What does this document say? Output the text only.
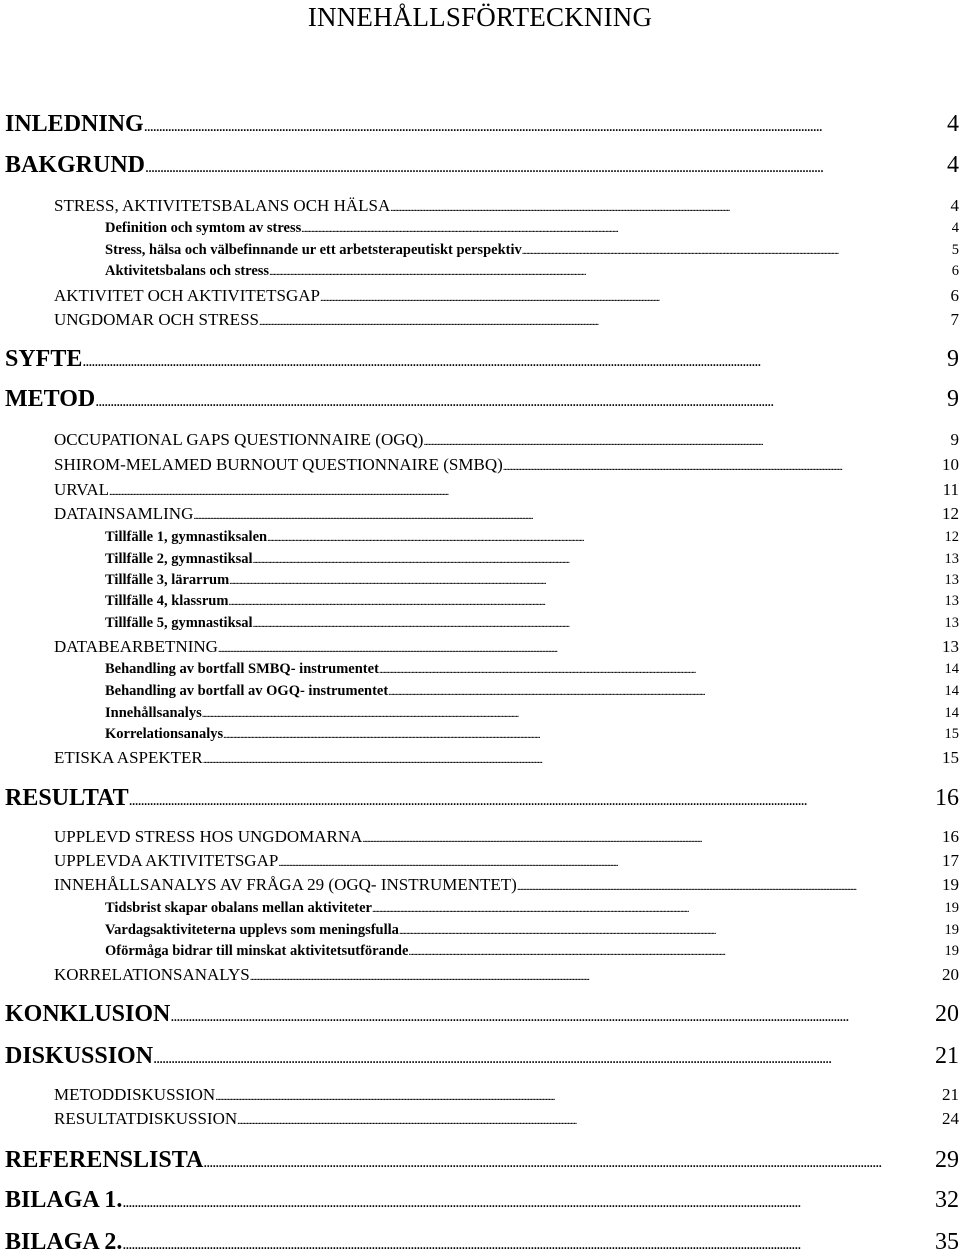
INNEHÅLLSFÖRTECKNING
INLEDNING . . .	4
BAKGRUND . . .	4
STRESS, AKTIVITETSBALANS OCH HÄLSA . . .	4
Definition och symtom av stress . . .	4
Stress, hälsa och välbefinnande ur ett arbetsterapeutiskt perspektiv . . .	5
Aktivitetsbalans och stress . . .	6
AKTIVITET OCH AKTIVITETSGAP . . .	6
UNGDOMAR OCH STRESS . . .	7
SYFTE . . .	9
METOD . . .	9
OCCUPATIONAL GAPS QUESTIONNAIRE (OGQ) . . .	9
SHIROM-MELAMED BURNOUT QUESTIONNAIRE (SMBQ) . . .	10
URVAL . . .	11
DATAINSAMLING . . .	12
Tillfälle 1, gymnastiksalen . . .	12
Tillfälle 2, gymnastiksal . . .	13
Tillfälle 3, lärarrum . . .	13
Tillfälle 4, klassrum . . .	13
Tillfälle 5, gymnastiksal . . .	13
DATABEARBETNING . . .	13
Behandling av bortfall SMBQ- instrumentet . . .	14
Behandling av bortfall av OGQ- instrumentet . . .	14
Innehållsanalys . . .	14
Korrelationsanalys . . .	15
ETISKA ASPEKTER . . .	15
RESULTAT . . .	16
UPPLEVD STRESS HOS UNGDOMARNA . . .	16
UPPLEVDA AKTIVITETSGAP . . .	17
INNEHÅLLSANALYS AV FRÅGA 29 (OGQ- INSTRUMENTET) . . .	19
Tidsbrist skapar obalans mellan aktiviteter . . .	19
Vardagsaktiviteterna upplevs som meningsfulla . . .	19
Oförmåga bidrar till minskat aktivitetsutförande . . .	19
KORRELATIONSANALYS . . .	20
KONKLUSION . . .	20
DISKUSSION . . .	21
METODDISKUSSION . . .	21
RESULTATDISKUSSION . . .	24
REFERENSLISTA . . .	29
BILAGA 1. . . .	32
BILAGA 2. . . .	35
